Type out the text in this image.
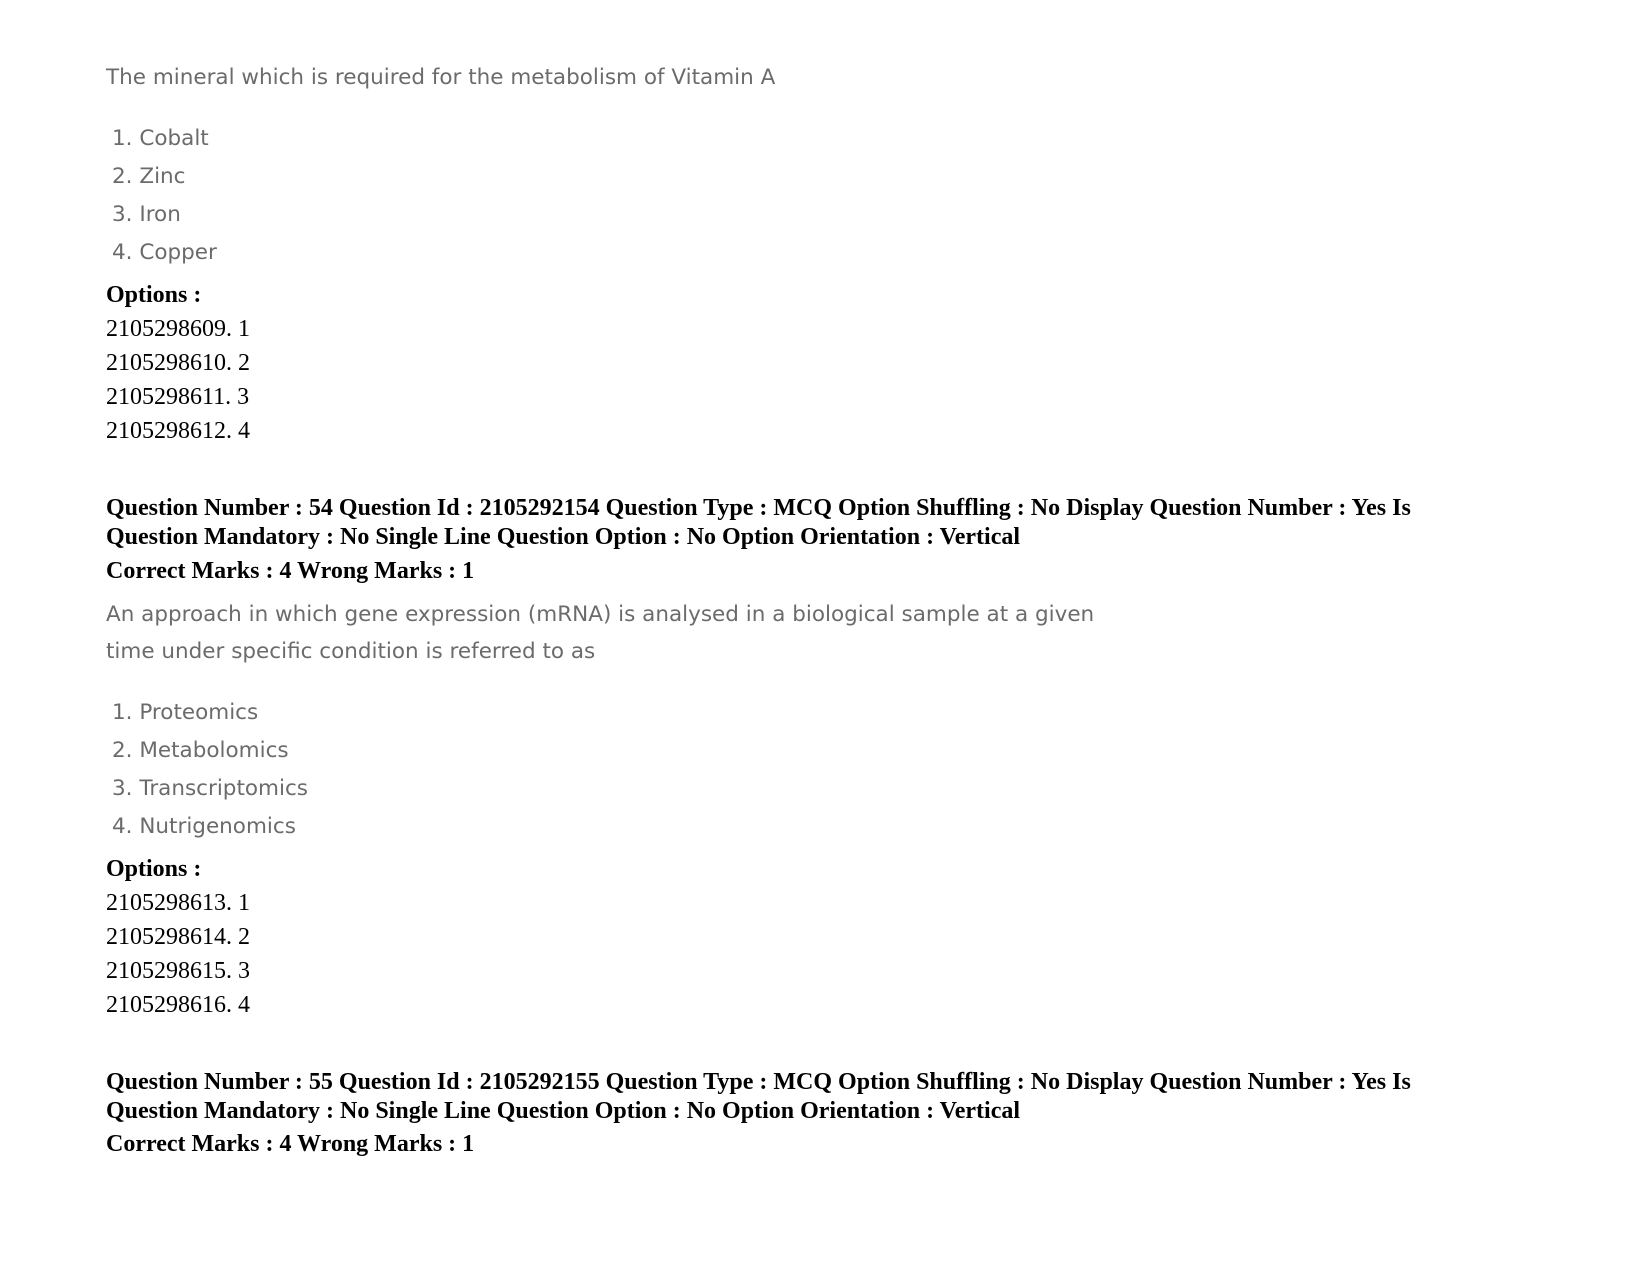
The mineral which is required for the metabolism of Vitamin A

1. Cobalt
2. Zinc
3. Iron
4. Copper
Options :
2105298609. 1
2105298610. 2
2105298611. 3
2105298612. 4

Question Number : 54 Question Id : 2105292154 Question Type : MCQ Option Shuffling : No Display Question Number : Yes Is Question Mandatory : No Single Line Question Option : No Option Orientation : Vertical

Correct Marks : 4 Wrong Marks : 1

An approach in which gene expression (mRNA) is analysed in a biological sample at a given

time under specific condition is referred to as

1. Proteomics
2. Metabolomics
3. Transcriptomics
4. Nutrigenomics
Options :
2105298613. 1
2105298614. 2
2105298615. 3
2105298616. 4

Question Number : 55 Question Id : 2105292155 Question Type : MCQ Option Shuffling : No Display Question Number : Yes Is Question Mandatory : No Single Line Question Option : No Option Orientation : Vertical

Correct Marks : 4 Wrong Marks : 1
